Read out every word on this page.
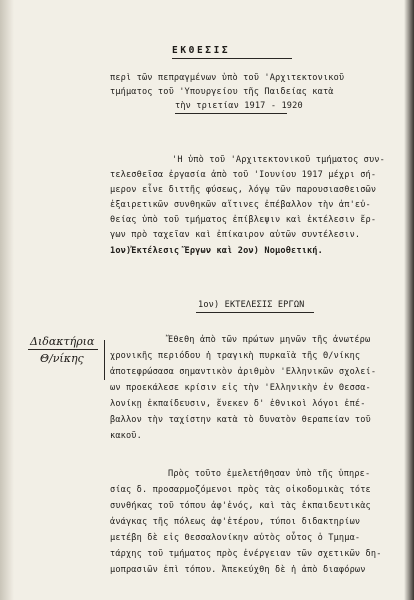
ΕΚΘΕΣΙΣ
περὶ τῶν πεπραγμένων ὑπὸ τοῦ 'Αρχιτεκτονικοῦ
τμήματος τοῦ 'Υπουργείου τῆς Παιδείας κατὰ
τὴν τριετίαν 1917 - 1920
'Η ὑπὸ τοῦ 'Αρχιτεκτονικοῦ τμήματος συν-
τελεσθεῖσα ἐργασία ἀπὸ τοῦ 'Ιουνίου 1917 μέχρι σή-
μερον εἶνε διττῆς φύσεως, λόγῳ τῶν παρουσιασθεισῶν
ἐξαιρετικῶν συνθηκῶν αἵτινες ἐπέβαλλον τὴν ἀπ'εὐ-
θείας ὑπὸ τοῦ τμήματος ἐπίβλεψιν καὶ ἐκτέλεσιν ἔρ-
γων πρὸ ταχεῖαν καὶ ἐπίκαιρον αὐτῶν συντέλεσιν.
1ον)Ἐκτέλεσις Ἔργων καὶ 2ον) Νομοθετική.
1ον) ΕΚΤΕΛΕΣΙΣ ΕΡΓΩΝ
Διδακτήρια
Θ/νίκης
Ἔθεθη ἀπὸ τῶν πρώτων μηνῶν τῆς ἀνωτέρω
χρονικῆς περιόδου ἡ τραγικὴ πυρκαϊὰ τῆς Θ/νίκης
ἀποτεφρώσασα σημαντικὸν ἀριθμὸν 'Ελληνικῶν σχολεί-
ων προεκάλεσε κρίσιν εἰς τὴν 'Ελληνικὴν ἐν Θεσσα-
λονίκῃ ἐκπαίδευσιν, ἕνεκεν δ' ἐθνικοὶ λόγοι ἐπέ-
βαλλον τὴν ταχίστην κατὰ τὸ δυνατὸν θεραπείαν τοῦ
κακοῦ.
Πρὸς τοῦτο ἐμελετήθησαν ὑπὸ τῆς ὑπηρε-
σίας δ. προσαρμοζόμενοι πρὸς τὰς οἰκοδομικὰς τότε
συνθήκας τοῦ τόπου ἀφ'ἑνός, καὶ τὰς ἐκπαιδευτικὰς
ἀνάγκας τῆς πόλεως ἀφ'ἑτέρου, τύποι διδακτηρίων
μετέβη δὲ εἰς Θεσσαλονίκην αὐτὸς οὗτος ὁ Τμημα-
τάρχης τοῦ τμήματος πρὸς ἐνέργειαν τῶν σχετικῶν δη-
μοπρασιῶν ἐπὶ τόπου. Ἀπεκεύχθη δὲ ἡ ἀπὸ διαφόρων
